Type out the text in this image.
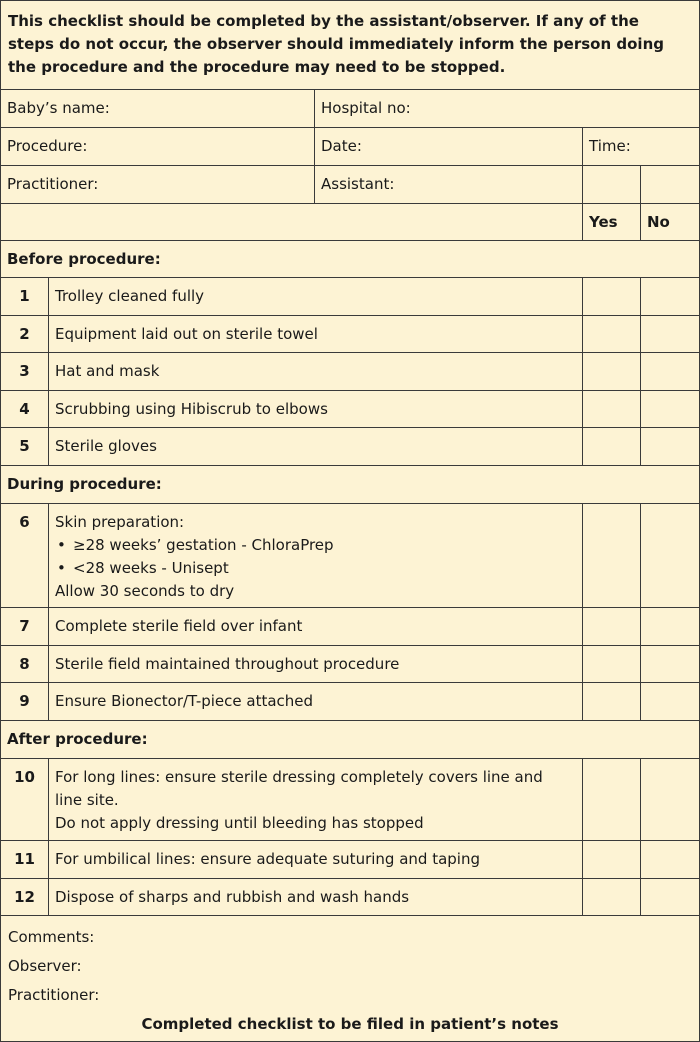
This checklist should be completed by the assistant/observer. If any of the steps do not occur, the observer should immediately inform the person doing the procedure and the procedure may need to be stopped.
Baby’s name:	Hospital no:
Procedure:	Date:	Time:
Practitioner:	Assistant:
Yes	No
Before procedure:
1	Trolley cleaned fully
2	Equipment laid out on sterile towel
3	Hat and mask
4	Scrubbing using Hibiscrub to elbows
5	Sterile gloves
During procedure:
6	Skin preparation:
• ≥28 weeks’ gestation - ChloraPrep
• <28 weeks - Unisept
Allow 30 seconds to dry
7	Complete sterile field over infant
8	Sterile field maintained throughout procedure
9	Ensure Bionector/T-piece attached
After procedure:
10	For long lines: ensure sterile dressing completely covers line and line site.
Do not apply dressing until bleeding has stopped
11	For umbilical lines: ensure adequate suturing and taping
12	Dispose of sharps and rubbish and wash hands
Comments:
Observer:
Practitioner:
Completed checklist to be filed in patient’s notes
